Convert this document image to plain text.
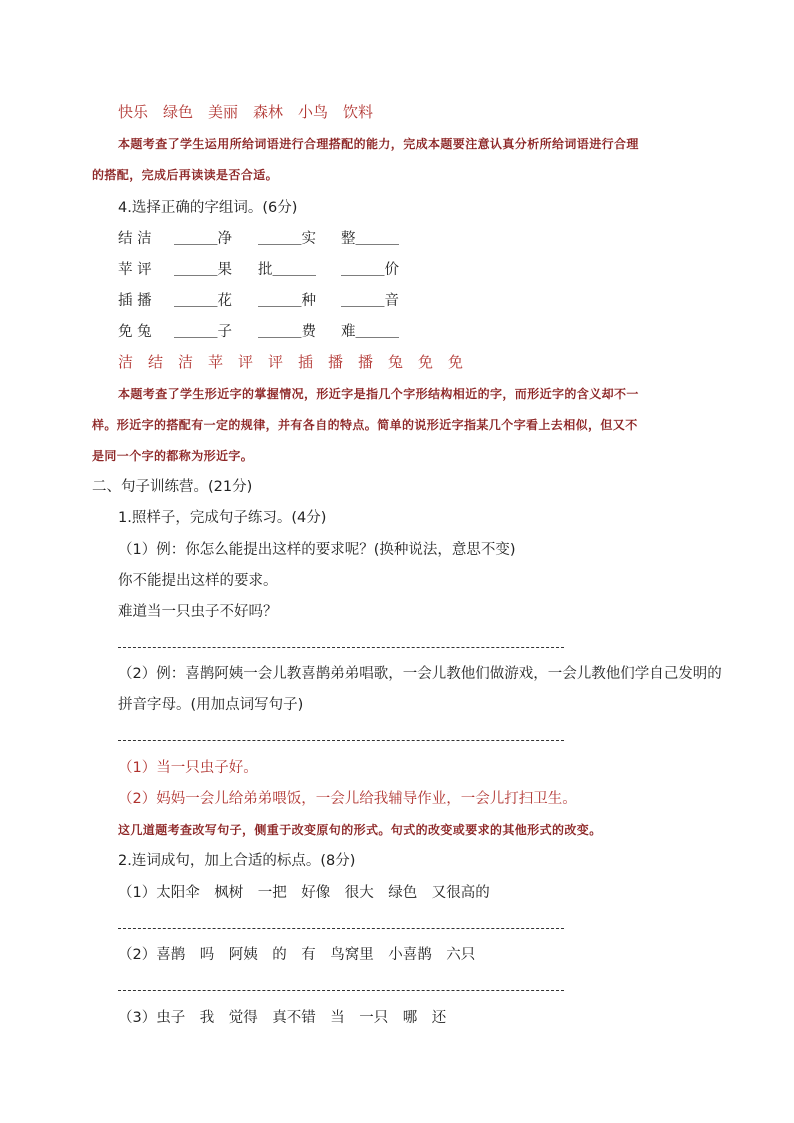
快乐　绿色　美丽　森林　小鸟　饮料
本题考查了学生运用所给词语进行合理搭配的能力，完成本题要注意认真分析所给词语进行合理
的搭配，完成后再读读是否合适。
4.选择正确的字组词。(6分)
结 洁 ＿＿＿净 ＿＿＿实 整＿＿＿
苹 评 ＿＿＿果 批＿＿＿ ＿＿＿价
插 播 ＿＿＿花 ＿＿＿种 ＿＿＿音
免 兔 ＿＿＿子 ＿＿＿费 难＿＿＿
洁　结　洁　苹　评　评　插　播　播　兔　免　免
本题考查了学生形近字的掌握情况，形近字是指几个字形结构相近的字，而形近字的含义却不一
样。形近字的搭配有一定的规律，并有各自的特点。简单的说形近字指某几个字看上去相似，但又不
是同一个字的都称为形近字。
二、句子训练营。(21分)
1.照样子，完成句子练习。(4分)
（1）例：你怎么能提出这样的要求呢？(换种说法，意思不变)
你不能提出这样的要求。
难道当一只虫子不好吗？
（2）例：喜鹊阿姨一会儿教喜鹊弟弟唱歌，一会儿教他们做游戏，一会儿教他们学自己发明的
拼音字母。(用加点词写句子)
（1）当一只虫子好。
（2）妈妈一会儿给弟弟喂饭，一会儿给我辅导作业，一会儿打扫卫生。
这几道题考查改写句子，侧重于改变原句的形式。句式的改变或要求的其他形式的改变。
2.连词成句，加上合适的标点。(8分)
（1）太阳伞　枫树　一把　好像　很大　绿色　又很高的
（2）喜鹊　吗　阿姨　的　有　鸟窝里　小喜鹊　六只
（3）虫子　我　觉得　真不错　当　一只　哪　还
